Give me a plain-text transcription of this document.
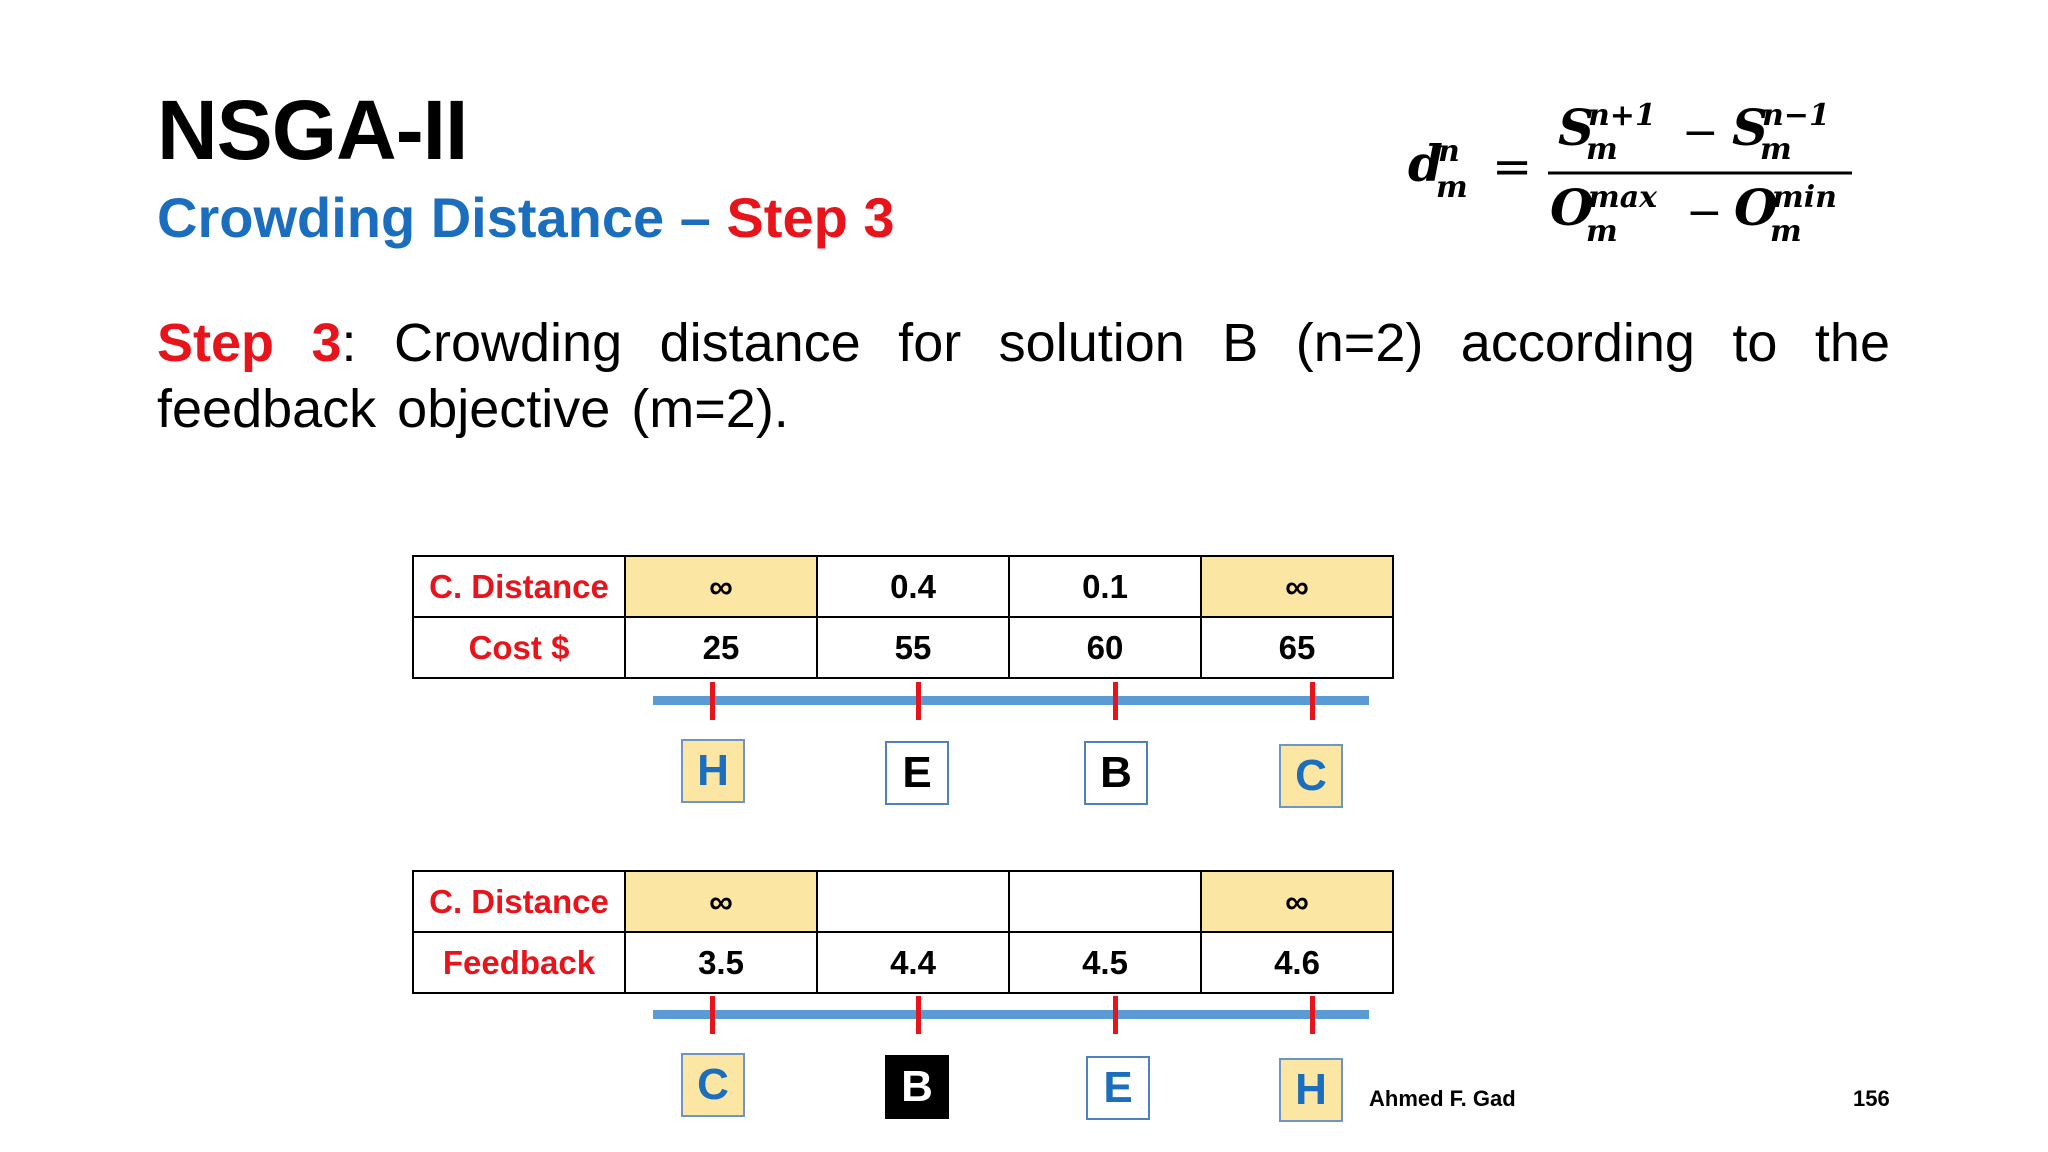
NSGA-II
Crowding Distance – Step 3
d
n
m =
S
n+1
m − S
n−1
m
O
max
m − O
min
m
Step 3: Crowding distance for solution B (n=2) according to the feedback objective (m=2).
C. Distance	∞	0.4	0.1	∞
Cost $	25	55	60	65
H	E	B	C
C. Distance	∞			∞
Feedback	3.5	4.4	4.5	4.6
C	B	E	H	Ahmed F. Gad	156
